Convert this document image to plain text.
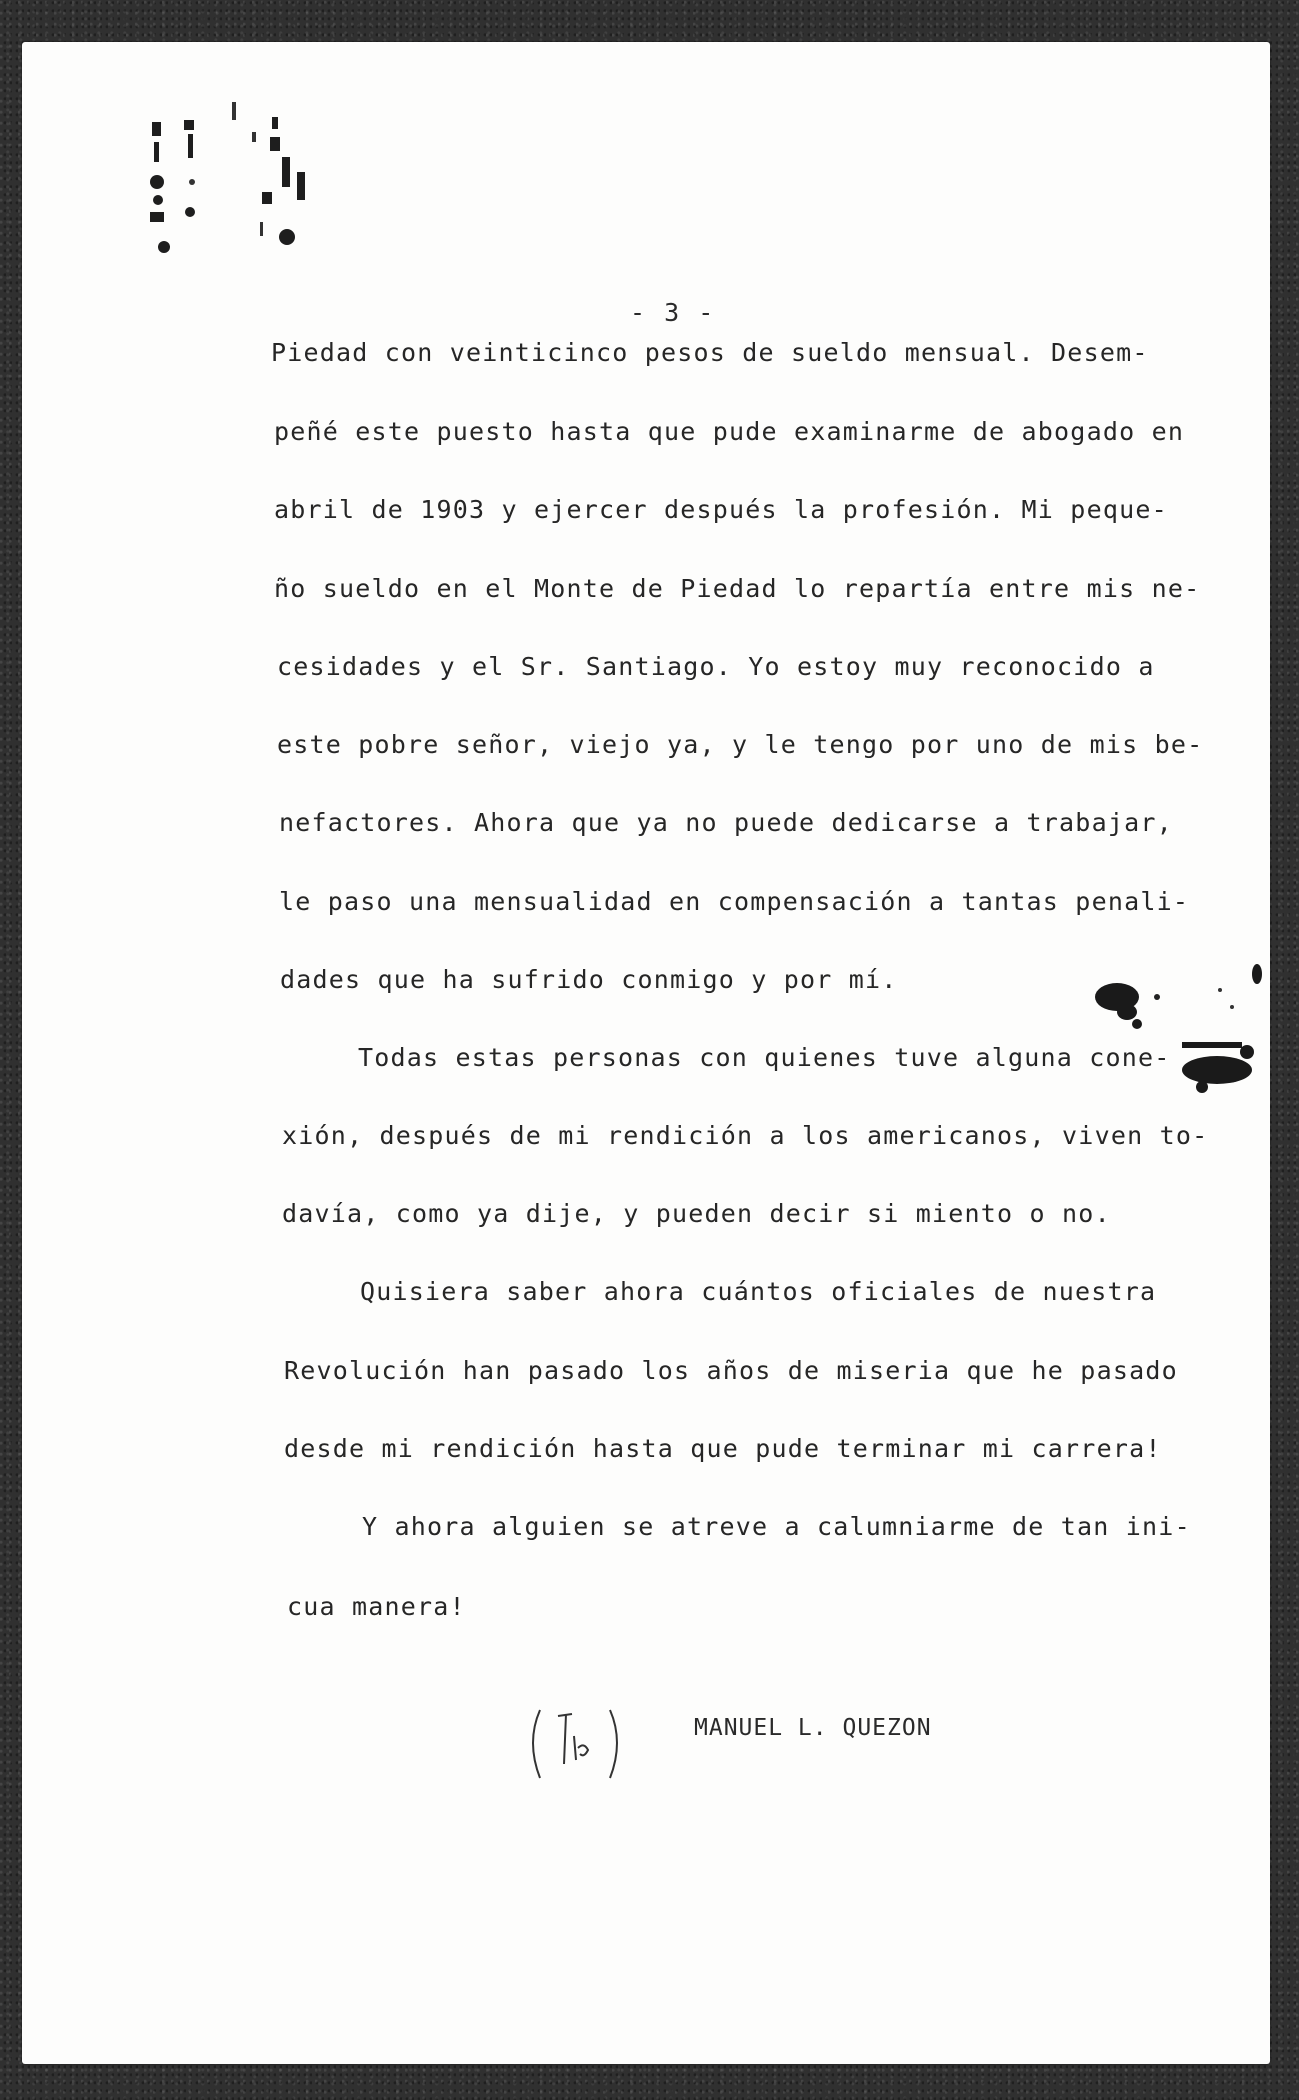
- 3 -
Piedad con veinticinco pesos de sueldo mensual. Desem-
peñé este puesto hasta que pude examinarme de abogado en
abril de 1903 y ejercer después la profesión. Mi peque-
ño sueldo en el Monte de Piedad lo repartía entre mis ne-
cesidades y el Sr. Santiago. Yo estoy muy reconocido a
este pobre señor, viejo ya, y le tengo por uno de mis be-
nefactores. Ahora que ya no puede dedicarse a trabajar,
le paso una mensualidad en compensación a tantas penali-
dades que ha sufrido conmigo y por mí.
Todas estas personas con quienes tuve alguna cone-
xión, después de mi rendición a los americanos, viven to-
davía, como ya dije, y pueden decir si miento o no.
Quisiera saber ahora cuántos oficiales de nuestra
Revolución han pasado los años de miseria que he pasado
desde mi rendición hasta que pude terminar mi carrera!
Y ahora alguien se atreve a calumniarme de tan ini-
cua manera!
MANUEL L. QUEZON
